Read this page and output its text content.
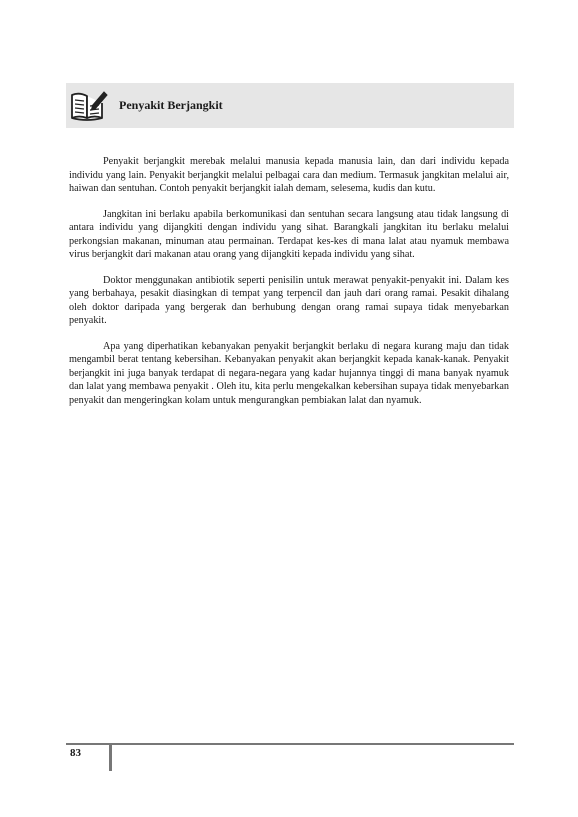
Penyakit Berjangkit

Penyakit berjangkit merebak melalui manusia kepada manusia lain, dan dari individu kepada individu yang lain. Penyakit berjangkit melalui pelbagai cara dan medium. Termasuk jangkitan melalui air, haiwan dan sentuhan. Contoh penyakit berjangkit ialah demam, selesema, kudis dan kutu.

Jangkitan ini berlaku apabila berkomunikasi dan sentuhan secara langsung atau tidak langsung di antara individu yang dijangkiti dengan individu yang sihat. Barangkali jangkitan itu berlaku melalui perkongsian makanan, minuman atau permainan. Terdapat kes-kes di mana lalat atau nyamuk membawa virus berjangkit dari makanan atau orang yang dijangkiti kepada individu yang sihat.

Doktor menggunakan antibiotik seperti penisilin untuk merawat penyakit-penyakit ini. Dalam kes yang berbahaya, pesakit diasingkan di tempat yang terpencil dan jauh dari orang ramai. Pesakit dihalang oleh doktor daripada yang bergerak dan berhubung dengan orang ramai supaya tidak menyebarkan penyakit.

Apa yang diperhatikan kebanyakan penyakit berjangkit berlaku di negara kurang maju dan tidak mengambil berat tentang kebersihan. Kebanyakan penyakit akan berjangkit kepada kanak-kanak. Penyakit berjangkit ini juga banyak terdapat di negara-negara yang kadar hujannya tinggi di mana banyak nyamuk dan lalat yang membawa penyakit . Oleh itu, kita perlu mengekalkan kebersihan supaya tidak menyebarkan penyakit dan mengeringkan kolam untuk mengurangkan pembiakan lalat dan nyamuk.

83
